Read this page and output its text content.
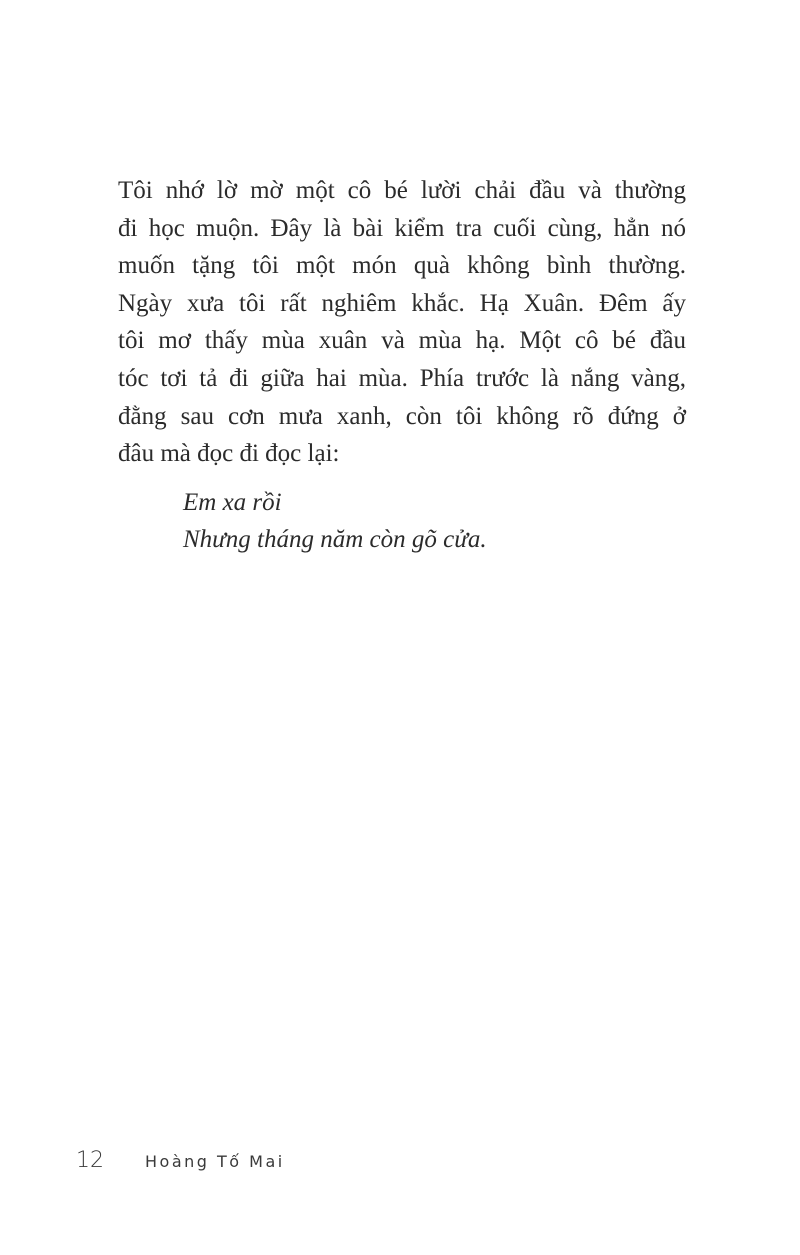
Tôi nhớ lờ mờ một cô bé lười chải đầu và thường
đi học muộn. Đây là bài kiểm tra cuối cùng, hẳn nó
muốn tặng tôi một món quà không bình thường.
Ngày xưa tôi rất nghiêm khắc. Hạ Xuân. Đêm ấy
tôi mơ thấy mùa xuân và mùa hạ. Một cô bé đầu
tóc tơi tả đi giữa hai mùa. Phía trước là nắng vàng,
đằng sau cơn mưa xanh, còn tôi không rõ đứng ở
đâu mà đọc đi đọc lại:
Em xa rồi
Nhưng tháng năm còn gõ cửa.
12	Hoàng Tố Mai
